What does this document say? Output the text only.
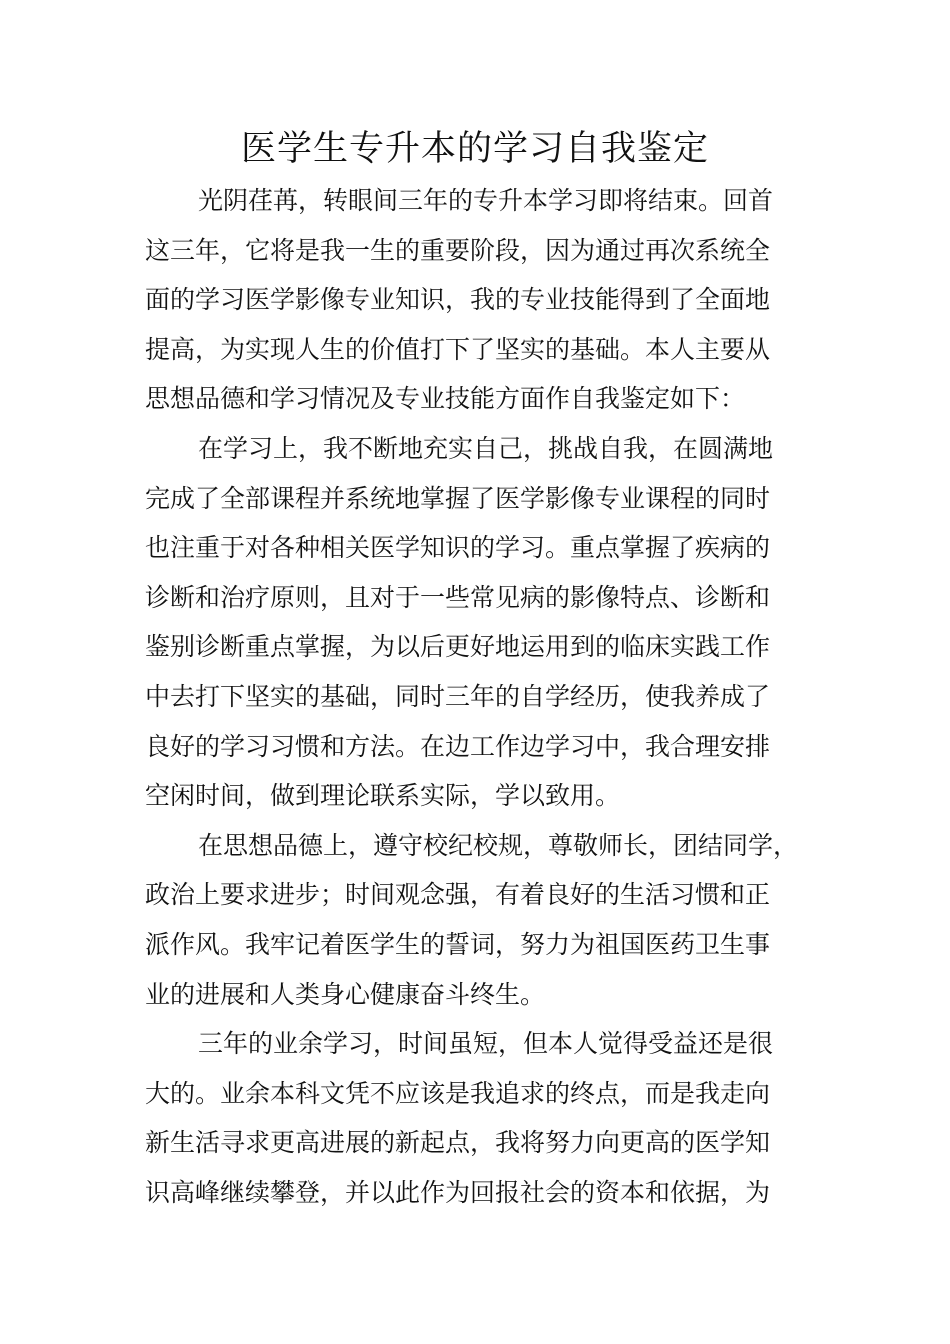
医学生专升本的学习自我鉴定

光阴荏苒，转眼间三年的专升本学习即将结束。回首
这三年，它将是我一生的重要阶段，因为通过再次系统全
面的学习医学影像专业知识，我的专业技能得到了全面地
提高，为实现人生的价值打下了坚实的基础。本人主要从
思想品德和学习情况及专业技能方面作自我鉴定如下：

在学习上，我不断地充实自己，挑战自我，在圆满地
完成了全部课程并系统地掌握了医学影像专业课程的同时
也注重于对各种相关医学知识的学习。重点掌握了疾病的
诊断和治疗原则，且对于一些常见病的影像特点、诊断和
鉴别诊断重点掌握，为以后更好地运用到的临床实践工作
中去打下坚实的基础，同时三年的自学经历，使我养成了
良好的学习习惯和方法。在边工作边学习中，我合理安排
空闲时间，做到理论联系实际，学以致用。

在思想品德上，遵守校纪校规，尊敬师长，团结同学，
政治上要求进步；时间观念强，有着良好的生活习惯和正
派作风。我牢记着医学生的誓词，努力为祖国医药卫生事
业的进展和人类身心健康奋斗终生。

三年的业余学习，时间虽短，但本人觉得受益还是很
大的。业余本科文凭不应该是我追求的终点，而是我走向
新生活寻求更高进展的新起点，我将努力向更高的医学知
识高峰继续攀登，并以此作为回报社会的资本和依据，为
